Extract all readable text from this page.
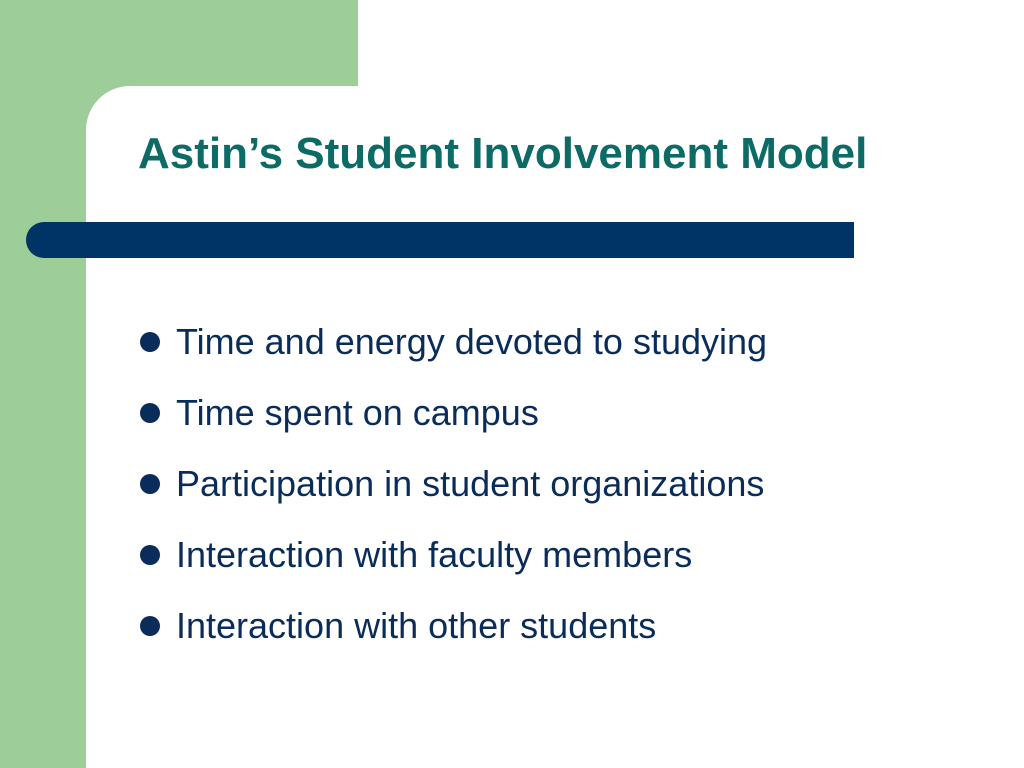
Astin’s Student Involvement Model
Time and energy devoted to studying
Time spent on campus
Participation in student organizations
Interaction with faculty members
Interaction with other students
